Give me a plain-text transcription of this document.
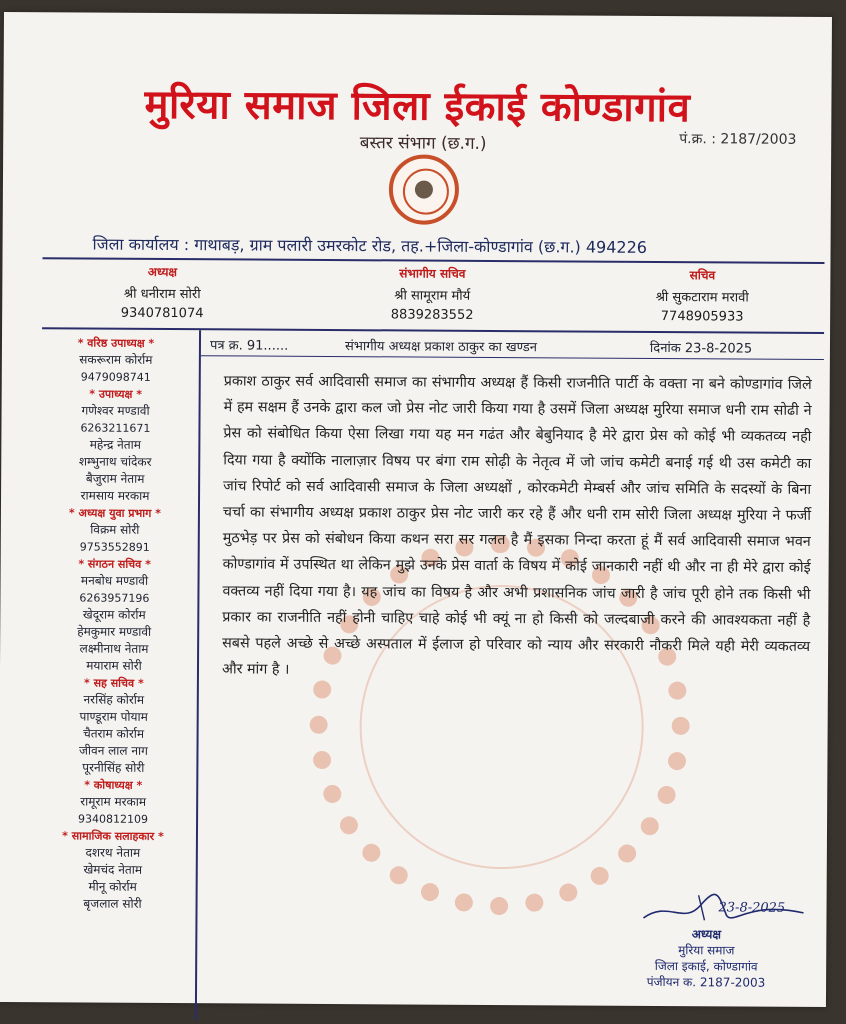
मुरिया समाज जिला ईकाई कोण्डागांव
बस्तर संभाग (छ.ग.)	पं.क्र. : 2187/2003
जिला कार्यालय : गाथाबड़, ग्राम पलारी उमरकोट रोड, तह.+जिला-कोण्डागांव (छ.ग.) 494226
अध्यक्ष
श्री धनीराम सोरी
9340781074
संभागीय सचिव
श्री सामूराम मौर्य
8839283552
सचिव
श्री सुकटाराम मरावी
7748905933
* वरिष्ठ उपाध्यक्ष *
सकरूराम कोर्राम
9479098741
* उपाध्यक्ष *
गणेश्वर मण्डावी
6263211671
महेन्द्र नेताम
शम्भुनाथ चांदेकर
बैजुराम नेताम
रामसाय मरकाम
* अध्यक्ष युवा प्रभाग *
विक्रम सोरी
9753552891
* संगठन सचिव *
मनबोध मण्डावी
6263957196
खेदूराम कोर्राम
हेमकुमार मण्डावी
लक्ष्मीनाथ नेताम
मयाराम सोरी
* सह सचिव *
नरसिंह कोर्राम
पाण्डूराम पोयाम
चैतराम कोर्राम
जीवन लाल नाग
पूरनीसिंह सोरी
* कोषाध्यक्ष *
रामूराम मरकाम
9340812109
* सामाजिक सलाहकार *
दशरथ नेताम
खेमचंद नेताम
मीनू कोर्राम
बृजलाल सोरी
पत्र क्र. 91......	संभागीय अध्यक्ष प्रकाश ठाकुर का खण्डन	दिनांक 23-8-2025
प्रकाश ठाकुर सर्व आदिवासी समाज का संभागीय अध्यक्ष हैं किसी राजनीति पार्टी के वक्ता ना बने कोण्डागांव जिले में हम सक्षम हैं उनके द्वारा कल जो प्रेस नोट जारी किया गया है उसमें जिला अध्यक्ष मुरिया समाज धनी राम सोढी ने प्रेस को संबोधित किया ऐसा लिखा गया यह मन गढंत और बेबुनियाद है मेरे द्वारा प्रेस को कोई भी व्यकतव्य नही दिया गया है क्योंकि नालाज़ार विषय पर बंगा राम सोढ़ी के नेतृत्व में जो जांच कमेटी बनाई गई थी उस कमेटी का जांच रिपोर्ट को सर्व आदिवासी समाज के जिला अध्यक्षों , कोरकमेटी मेम्बर्स और जांच समिति के सदस्यों के बिना चर्चा का संभागीय अध्यक्ष प्रकाश ठाकुर प्रेस नोट जारी कर रहे हैं और धनी राम सोरी जिला अध्यक्ष मुरिया ने फर्जी मुठभेड़ पर प्रेस को संबोधन किया कथन सरा सर गलत है मैं इसका निन्दा करता हूं मैं सर्व आदिवासी समाज भवन कोण्डागांव में उपस्थित था लेकिन मुझे उनके प्रेस वार्ता के विषय में कोई जानकारी नहीं थी और ना ही मेरे द्वारा कोई वक्तव्य नहीं दिया गया है। यह जांच का विषय है और अभी प्रशासनिक जांच जारी है जांच पूरी होने तक किसी भी प्रकार का राजनीति नहीं होनी चाहिए चाहे कोई भी क्यूं ना हो किसी को जल्दबाजी करने की आवश्यकता नहीं है सबसे पहले अच्छे से अच्छे अस्पताल में ईलाज हो परिवार को न्याय और सरकारी नौकरी मिले यही मेरी व्यकतव्य और मांग है ।
23-8-2025
अध्यक्ष
मुरिया समाज
जिला इकाई, कोण्डागांव
पंजीयन क. 2187-2003
